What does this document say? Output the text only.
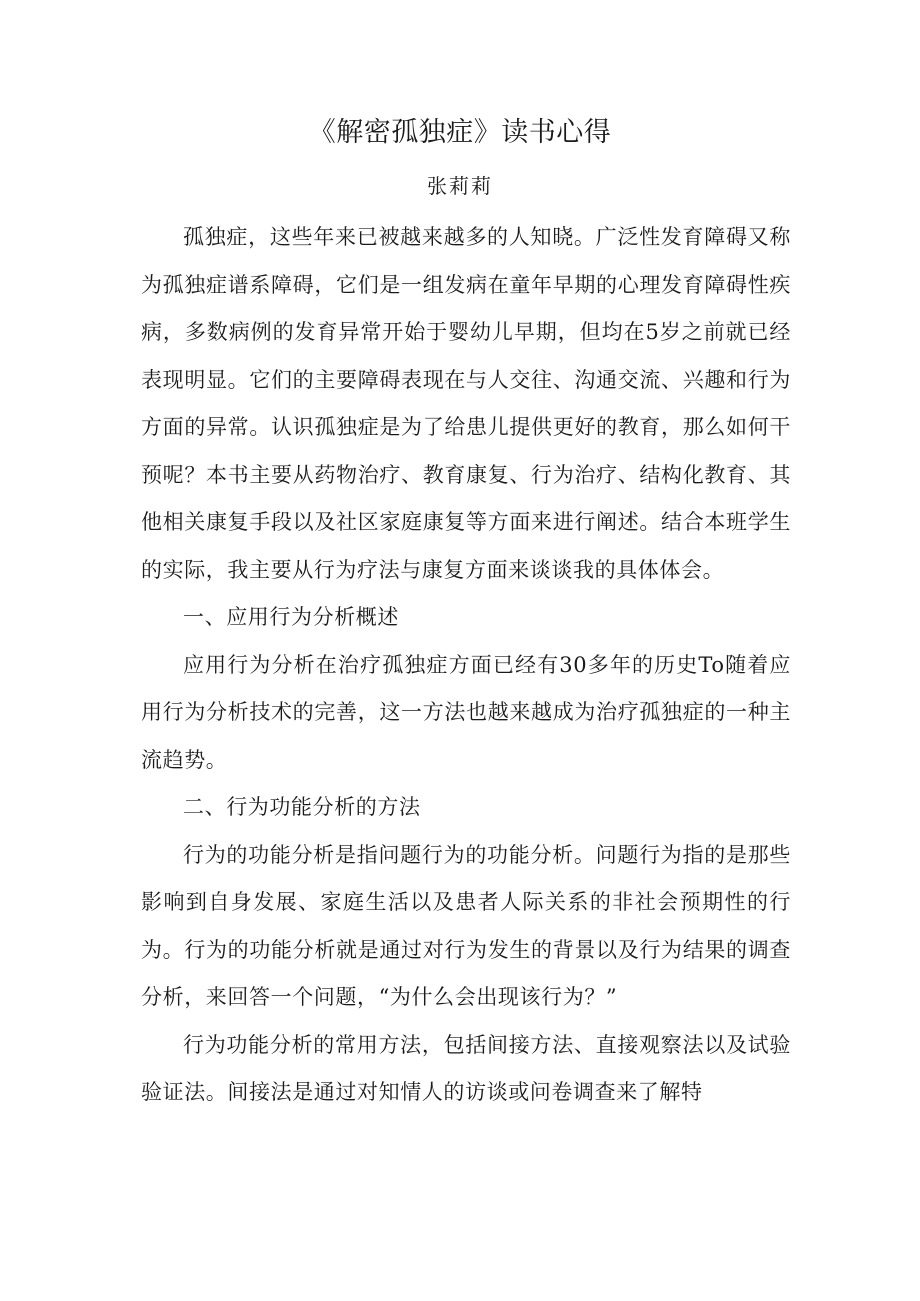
《解密孤独症》读书心得
张莉莉

孤独症，这些年来已被越来越多的人知晓。广泛性发育障碍又称为孤独症谱系障碍，它们是一组发病在童年早期的心理发育障碍性疾病，多数病例的发育异常开始于婴幼儿早期，但均在5岁之前就已经表现明显。它们的主要障碍表现在与人交往、沟通交流、兴趣和行为方面的异常。认识孤独症是为了给患儿提供更好的教育，那么如何干预呢？本书主要从药物治疗、教育康复、行为治疗、结构化教育、其他相关康复手段以及社区家庭康复等方面来进行阐述。结合本班学生的实际，我主要从行为疗法与康复方面来谈谈我的具体体会。

一、应用行为分析概述

应用行为分析在治疗孤独症方面已经有30多年的历史To随着应用行为分析技术的完善，这一方法也越来越成为治疗孤独症的一种主流趋势。

二、行为功能分析的方法

行为的功能分析是指问题行为的功能分析。问题行为指的是那些影响到自身发展、家庭生活以及患者人际关系的非社会预期性的行为。行为的功能分析就是通过对行为发生的背景以及行为结果的调查分析，来回答一个问题，“为什么会出现该行为？”

行为功能分析的常用方法，包括间接方法、直接观察法以及试验验证法。间接法是通过对知情人的访谈或问卷调查来了解特
